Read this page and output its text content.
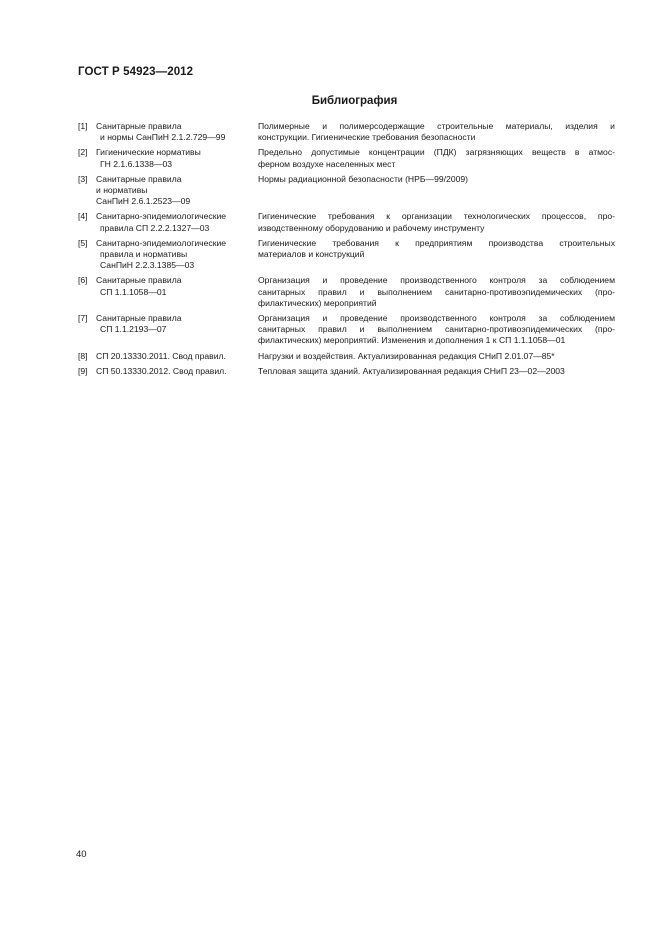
ГОСТ Р 54923—2012
Библиография
[1] Санитарные правила
и нормы СанПиН 2.1.2.729—99
Полимерные и полимерсодержащие строительные материалы, изделия и
конструкции. Гигиенические требования безопасности
[2] Гигиенические нормативы
ГН 2.1.6.1338—03
Предельно допустимые концентрации (ПДК) загрязняющих веществ в атмос-
ферном воздухе населенных мест
[3] Санитарные правила
и нормативы
СанПиН 2.6.1.2523—09
Нормы радиационной безопасности (НРБ—99/2009)
[4] Санитарно-эпидемиологические
правила СП 2.2.2.1327—03
Гигиенические требования к организации технологических процессов, про-
изводственному оборудованию и рабочему инструменту
[5] Санитарно-эпидемиологические
правила и нормативы
СанПиН 2.2.3.1385—03
Гигиенические требования к предприятиям производства строительных
материалов и конструкций
[6] Санитарные правила
СП 1.1.1058—01
Организация и проведение производственного контроля за соблюдением
санитарных правил и выполнением санитарно-противоэпидемических (про-
филактических) мероприятий
[7] Санитарные правила
СП 1.1.2193—07
Организация и проведение производственного контроля за соблюдением
санитарных правил и выполнением санитарно-противоэпидемических (про-
филактических) мероприятий. Изменения и дополнения 1 к СП 1.1.1058—01
[8] СП 20.13330.2011. Свод правил.	Нагрузки и воздействия. Актуализированная редакция СНиП 2.01.07—85*
[9] СП 50.13330.2012. Свод правил.	Тепловая защита зданий. Актуализированная редакция СНиП 23—02—2003
40
